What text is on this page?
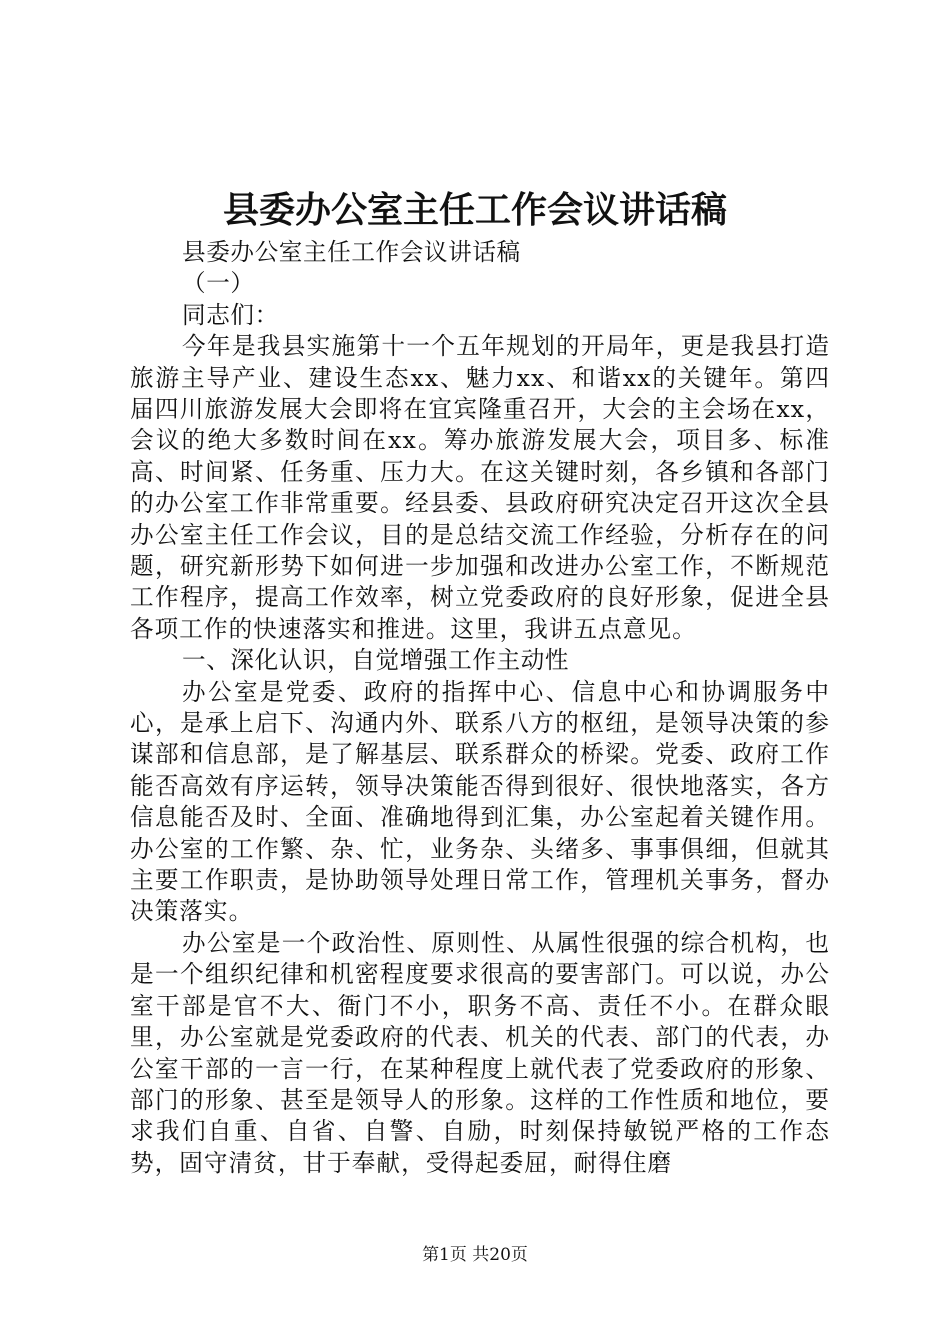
县委办公室主任工作会议讲话稿
县委办公室主任工作会议讲话稿
（一）
同志们：
今年是我县实施第十一个五年规划的开局年，更是我县打造旅游主导产业、建设生态xx、魅力xx、和谐xx的关键年。第四届四川旅游发展大会即将在宜宾隆重召开，大会的主会场在xx，会议的绝大多数时间在xx。筹办旅游发展大会，项目多、标准高、时间紧、任务重、压力大。在这关键时刻，各乡镇和各部门的办公室工作非常重要。经县委、县政府研究决定召开这次全县办公室主任工作会议，目的是总结交流工作经验，分析存在的问题，研究新形势下如何进一步加强和改进办公室工作，不断规范工作程序，提高工作效率，树立党委政府的良好形象，促进全县各项工作的快速落实和推进。这里，我讲五点意见。
一、深化认识，自觉增强工作主动性
办公室是党委、政府的指挥中心、信息中心和协调服务中心，是承上启下、沟通内外、联系八方的枢纽，是领导决策的参谋部和信息部，是了解基层、联系群众的桥梁。党委、政府工作能否高效有序运转，领导决策能否得到很好、很快地落实，各方信息能否及时、全面、准确地得到汇集，办公室起着关键作用。办公室的工作繁、杂、忙，业务杂、头绪多、事事俱细，但就其主要工作职责，是协助领导处理日常工作，管理机关事务，督办决策落实。
办公室是一个政治性、原则性、从属性很强的综合机构，也是一个组织纪律和机密程度要求很高的要害部门。可以说，办公室干部是官不大、衙门不小，职务不高、责任不小。在群众眼里，办公室就是党委政府的代表、机关的代表、部门的代表，办公室干部的一言一行，在某种程度上就代表了党委政府的形象、部门的形象、甚至是领导人的形象。这样的工作性质和地位，要求我们自重、自省、自警、自励，时刻保持敏锐严格的工作态势，固守清贫，甘于奉献，受得起委屈，耐得住磨
第1页 共20页
